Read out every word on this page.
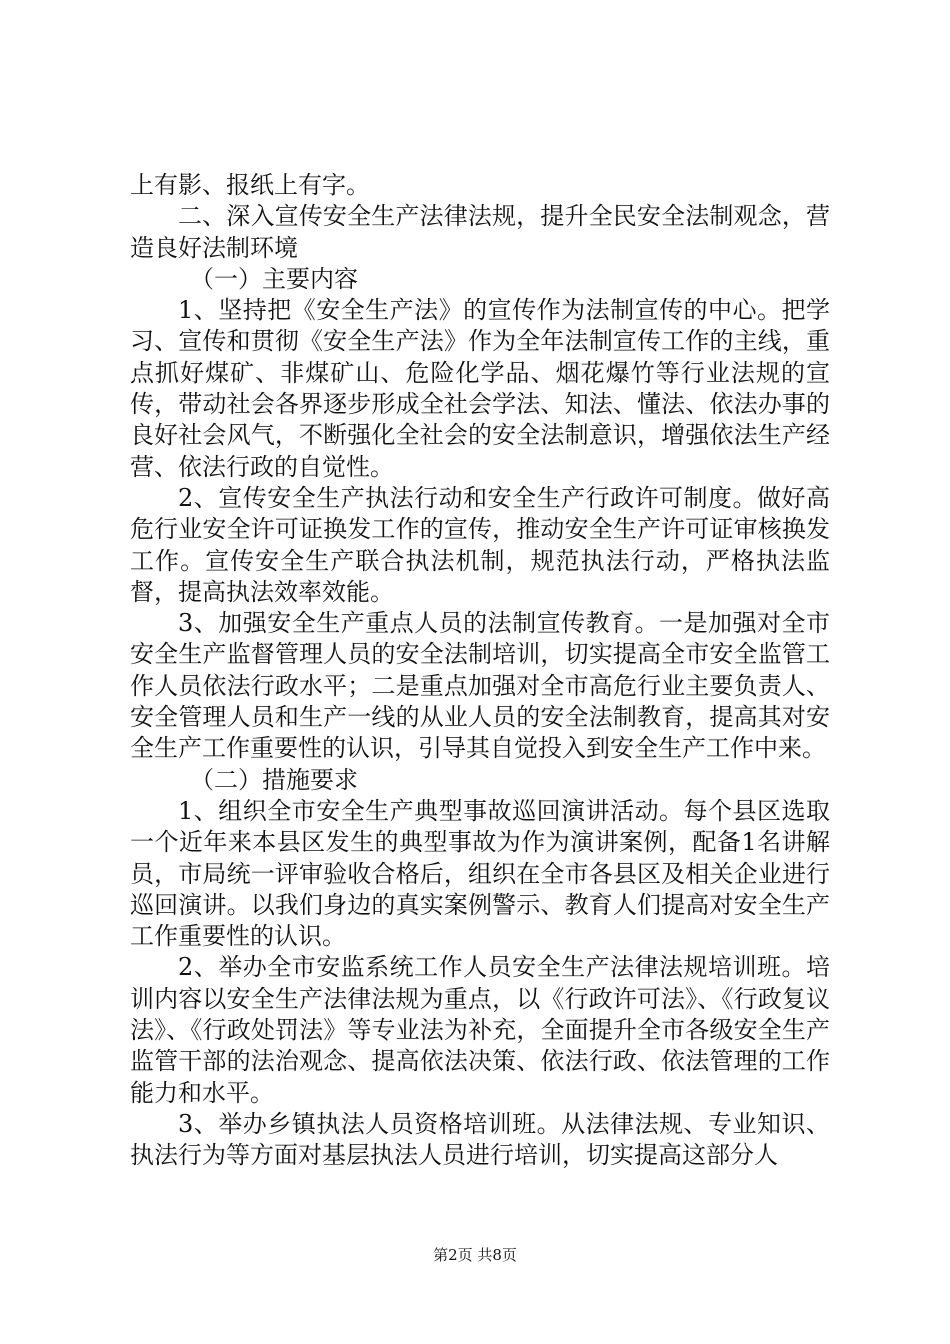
上有影、报纸上有字。

二、深入宣传安全生产法律法规，提升全民安全法制观念，营造良好法制环境

（一）主要内容

1、坚持把《安全生产法》的宣传作为法制宣传的中心。把学习、宣传和贯彻《安全生产法》作为全年法制宣传工作的主线，重点抓好煤矿、非煤矿山、危险化学品、烟花爆竹等行业法规的宣传，带动社会各界逐步形成全社会学法、知法、懂法、依法办事的良好社会风气，不断强化全社会的安全法制意识，增强依法生产经营、依法行政的自觉性。

2、宣传安全生产执法行动和安全生产行政许可制度。做好高危行业安全许可证换发工作的宣传，推动安全生产许可证审核换发工作。宣传安全生产联合执法机制，规范执法行动，严格执法监督，提高执法效率效能。

3、加强安全生产重点人员的法制宣传教育。一是加强对全市安全生产监督管理人员的安全法制培训，切实提高全市安全监管工作人员依法行政水平；二是重点加强对全市高危行业主要负责人、安全管理人员和生产一线的从业人员的安全法制教育，提高其对安全生产工作重要性的认识，引导其自觉投入到安全生产工作中来。

（二）措施要求

1、组织全市安全生产典型事故巡回演讲活动。每个县区选取一个近年来本县区发生的典型事故为作为演讲案例，配备1名讲解员，市局统一评审验收合格后，组织在全市各县区及相关企业进行巡回演讲。以我们身边的真实案例警示、教育人们提高对安全生产工作重要性的认识。

2、举办全市安监系统工作人员安全生产法律法规培训班。培训内容以安全生产法律法规为重点，以《行政许可法》、《行政复议法》、《行政处罚法》等专业法为补充，全面提升全市各级安全生产监管干部的法治观念、提高依法决策、依法行政、依法管理的工作能力和水平。

3、举办乡镇执法人员资格培训班。从法律法规、专业知识、执法行为等方面对基层执法人员进行培训，切实提高这部分人

第2页 共8页
